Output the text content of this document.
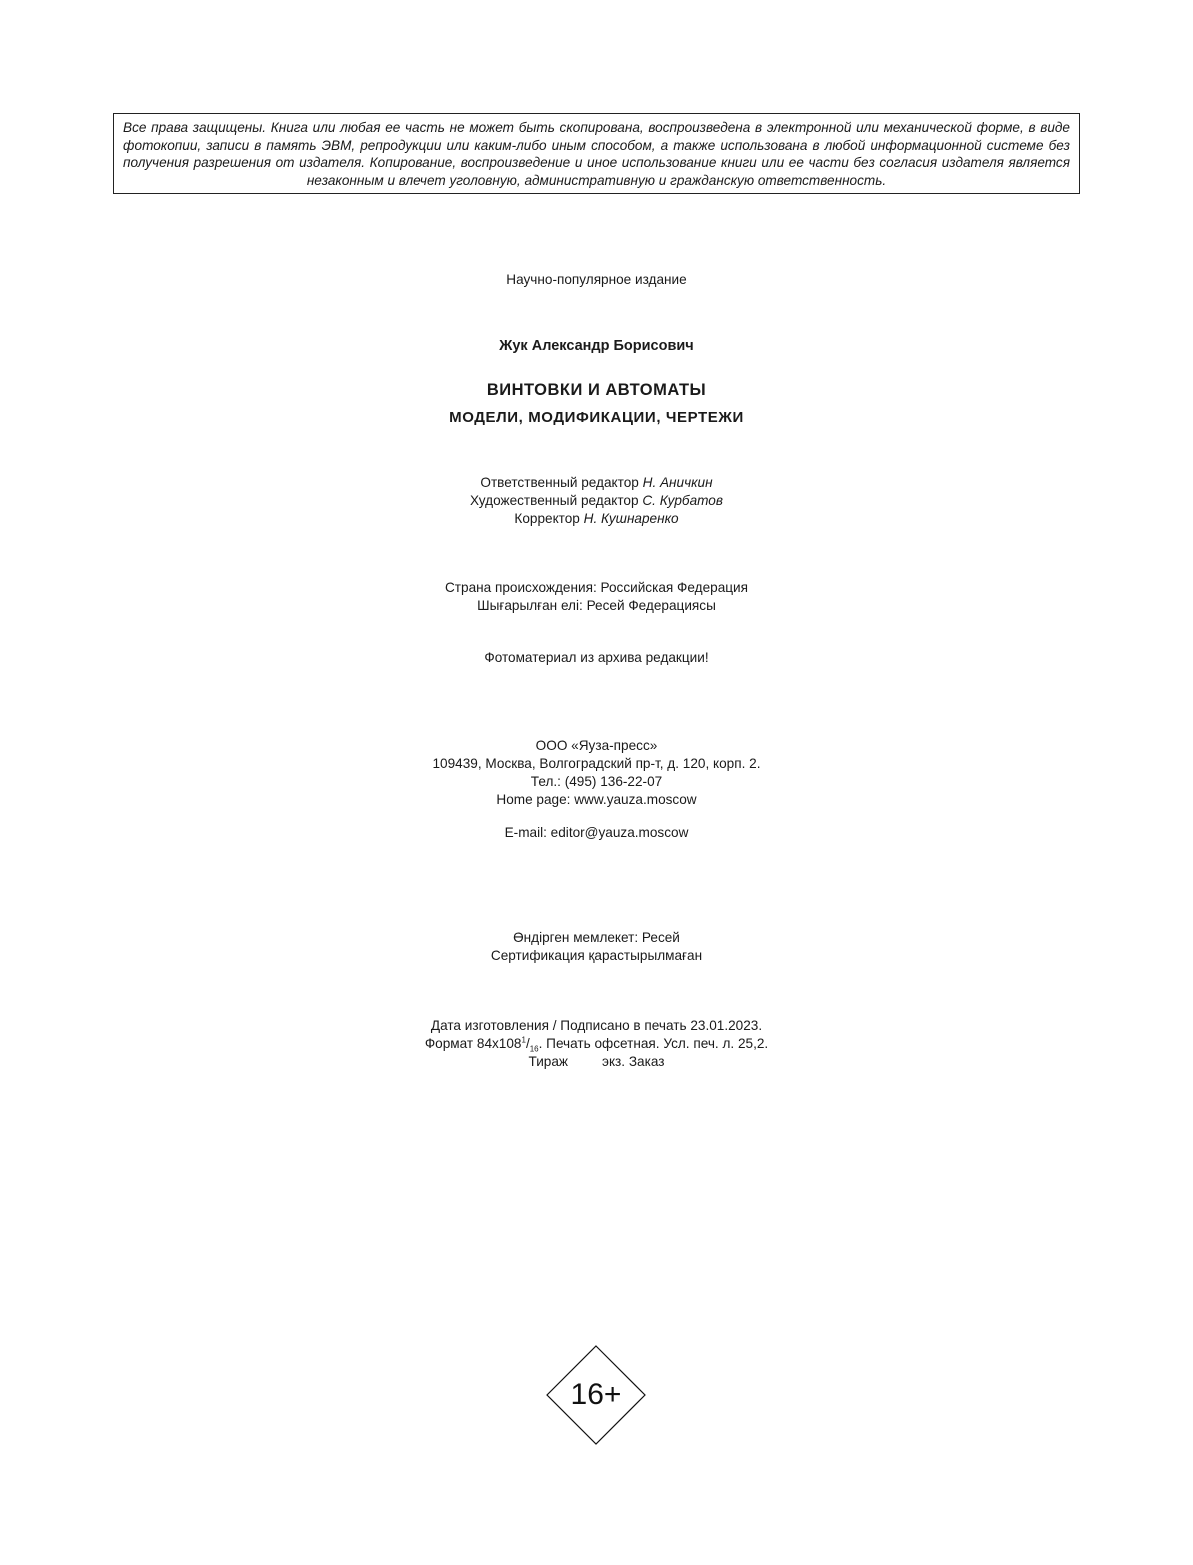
Все права защищены. Книга или любая ее часть не может быть скопирована, воспроизведена в электронной или механической форме, в виде фотокопии, записи в память ЭВМ, репродукции или каким-либо иным способом, а также использована в любой информационной системе без получения разрешения от издателя. Копирование, воспроизведение и иное использование книги или ее части без согласия издателя является незаконным и влечет уголовную, административную и гражданскую ответственность.
Научно-популярное издание
Жук Александр Борисович
ВИНТОВКИ И АВТОМАТЫ
МОДЕЛИ, МОДИФИКАЦИИ, ЧЕРТЕЖИ
Ответственный редактор Н. Аничкин
Художественный редактор С. Курбатов
Корректор Н. Кушнаренко
Страна происхождения: Российская Федерация
Шығарылған елі: Ресей Федерациясы
Фотоматериал из архива редакции!
ООО «Яуза-пресс»
109439, Москва, Волгоградский пр-т, д. 120, корп. 2.
Тел.: (495) 136-22-07
Home page: www.yauza.moscow
E-mail: editor@yauza.moscow
Өндірген мемлекет: Ресей
Сертификация қарастырылмаған
Дата изготовления / Подписано в печать 23.01.2023.
Формат $84х108^1/_{16}$. Печать офсетная. Усл. печ. л. 25,2.
Тираж	экз. Заказ
16+
